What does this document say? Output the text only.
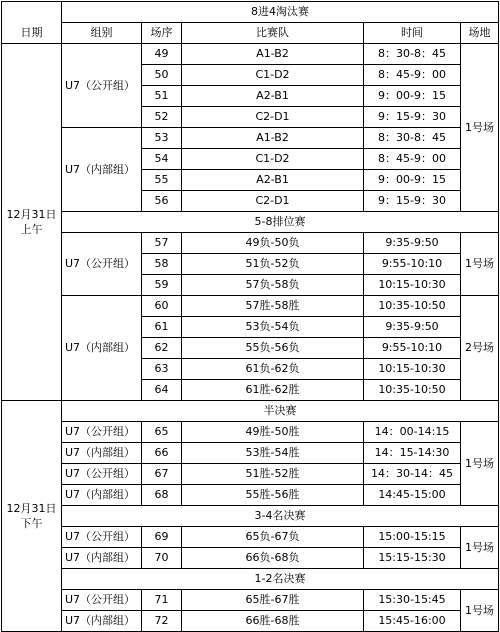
	8进4淘汰赛				
日期	组别	场序	比赛队	时间	场地
12月31日
上午	U7（公开组）	49	A1-B2	8：30-8：45	1号场
		50	C1-D2	8：45-9：00	
		51	A2-B1	9：00-9：15	
		52	C2-D1	9：15-9：30	
	U7（内部组）	53	A1-B2	8：30-8：45	
		54	C1-D2	8：45-9：00	
		55	A2-B1	9：00-9：15	
		56	C2-D1	9：15-9：30	
	5-8排位赛				
	U7（公开组）	57	49负-50负	9:35-9:50	1号场
		58	51负-52负	9:55-10:10	
		59	57负-58负	10:15-10:30	
	U7（内部组）	60	57胜-58胜	10:35-10:50	2号场
		61	53负-54负	9:35-9:50	
		62	55负-56负	9:55-10:10	
		63	61负-62负	10:15-10:30	
		64	61胜-62胜	10:35-10:50	
12月31日
下午	半决赛				
	U7（公开组）	65	49胜-50胜	14：00-14:15	1号场
	U7（内部组）	66	53胜-54胜	14：15-14:30	
	U7（公开组）	67	51胜-52胜	14：30-14：45	
	U7（内部组）	68	55胜-56胜	14:45-15:00	
	3-4名决赛				
	U7（公开组）	69	65负-67负	15:00-15:15	1号场
	U7（内部组）	70	66负-68负	15:15-15:30	
	1-2名决赛				
	U7（公开组）	71	65胜-67胜	15:30-15:45	1号场
	U7（内部组）	72	66胜-68胜	15:45-16:00	
